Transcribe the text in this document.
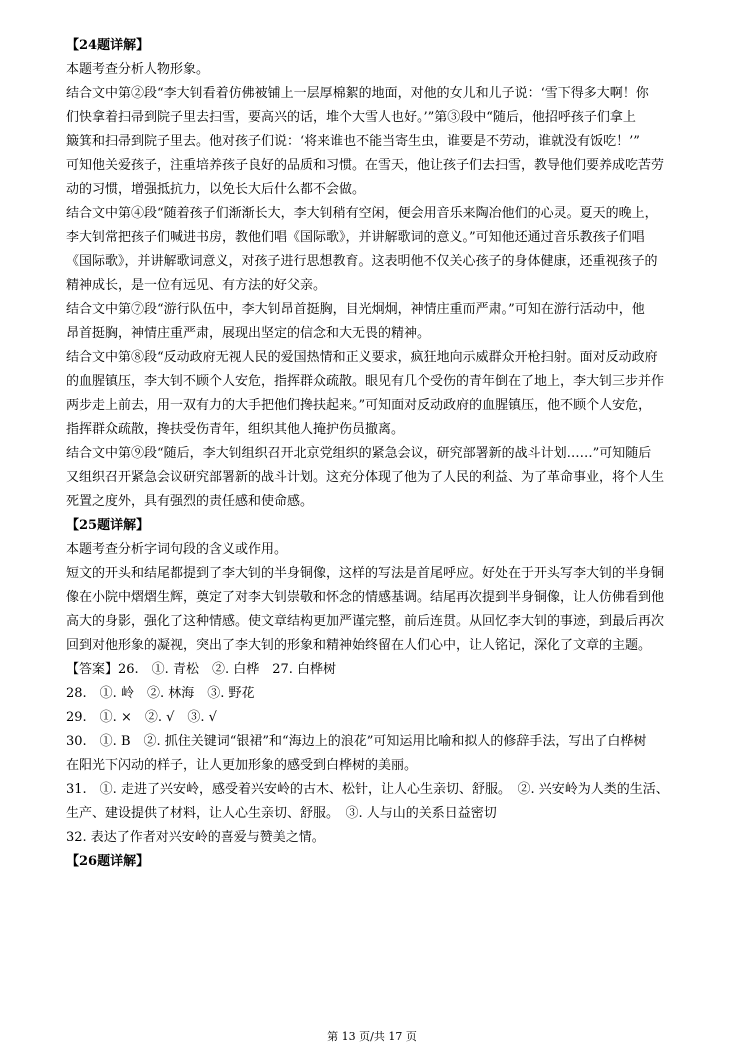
【24题详解】
本题考查分析人物形象。
结合文中第②段“李大钊看着仿佛被铺上一层厚棉絮的地面，对他的女儿和儿子说：‘雪下得多大啊！你
们快拿着扫帚到院子里去扫雪，要高兴的话，堆个大雪人也好。’”第③段中“随后，他招呼孩子们拿上
簸箕和扫帚到院子里去。他对孩子们说：‘将来谁也不能当寄生虫，谁要是不劳动，谁就没有饭吃！’”
可知他关爱孩子，注重培养孩子良好的品质和习惯。在雪天，他让孩子们去扫雪，教导他们要养成吃苦劳
动的习惯，增强抵抗力，以免长大后什么都不会做。
结合文中第④段“随着孩子们渐渐长大，李大钊稍有空闲，便会用音乐来陶冶他们的心灵。夏天的晚上，
李大钊常把孩子们喊进书房，教他们唱《国际歌》，并讲解歌词的意义。”可知他还通过音乐教孩子们唱
《国际歌》，并讲解歌词意义，对孩子进行思想教育。这表明他不仅关心孩子的身体健康，还重视孩子的
精神成长，是一位有远见、有方法的好父亲。
结合文中第⑦段“游行队伍中，李大钊昂首挺胸，目光炯炯，神情庄重而严肃。”可知在游行活动中，他
昂首挺胸，神情庄重严肃，展现出坚定的信念和大无畏的精神。
结合文中第⑧段“反动政府无视人民的爱国热情和正义要求，疯狂地向示威群众开枪扫射。面对反动政府
的血腥镇压，李大钊不顾个人安危，指挥群众疏散。眼见有几个受伤的青年倒在了地上，李大钊三步并作
两步走上前去，用一双有力的大手把他们搀扶起来。”可知面对反动政府的血腥镇压，他不顾个人安危，
指挥群众疏散，搀扶受伤青年，组织其他人掩护伤员撤离。
结合文中第⑨段“随后，李大钊组织召开北京党组织的紧急会议，研究部署新的战斗计划……”可知随后
又组织召开紧急会议研究部署新的战斗计划。这充分体现了他为了人民的利益、为了革命事业，将个人生
死置之度外，具有强烈的责任感和使命感。
【25题详解】
本题考查分析字词句段的含义或作用。
短文的开头和结尾都提到了李大钊的半身铜像，这样的写法是首尾呼应。好处在于开头写李大钊的半身铜
像在小院中熠熠生辉，奠定了对李大钊崇敬和怀念的情感基调。结尾再次提到半身铜像，让人仿佛看到他
高大的身影，强化了这种情感。使文章结构更加严谨完整，前后连贯。从回忆李大钊的事迹，到最后再次
回到对他形象的凝视，突出了李大钊的形象和精神始终留在人们心中，让人铭记，深化了文章的主题。
【答案】26.　①. 青松　②. 白桦　27. 白桦树
28.　①. 岭　②. 林海　③. 野花
29.　①. ×　②. √　③. √
30.　①. B　②. 抓住关键词“银裙”和“海边上的浪花”可知运用比喻和拟人的修辞手法，写出了白桦树
在阳光下闪动的样子，让人更加形象的感受到白桦树的美丽。
31.　①. 走进了兴安岭，感受着兴安岭的古木、松针，让人心生亲切、舒服。　②. 兴安岭为人类的生活、
生产、建设提供了材料，让人心生亲切、舒服。　③. 人与山的关系日益密切
32. 表达了作者对兴安岭的喜爱与赞美之情。
【26题详解】
第 13 页/共 17 页
